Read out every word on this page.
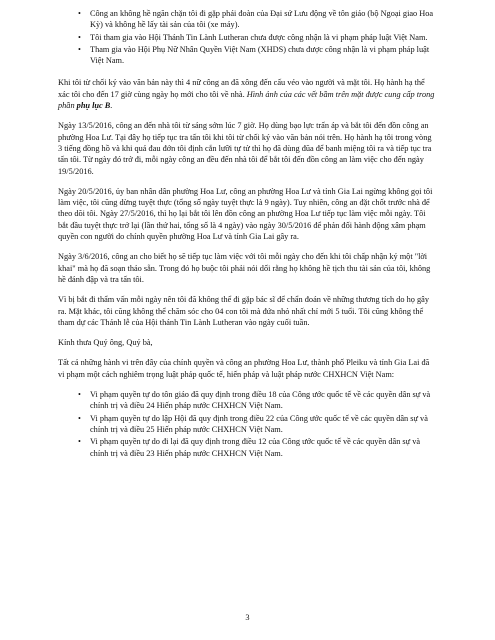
• Công an không hề ngăn chặn tôi đi gặp phái đoàn của Đại sứ Lưu động về tôn giáo (bộ Ngoại giao Hoa Kỳ) và không hề lấy tài sản của tôi (xe máy).
• Tôi tham gia vào Hội Thánh Tin Lành Lutheran chưa được công nhận là vi phạm pháp luật Việt Nam.
• Tham gia vào Hội Phụ Nữ Nhân Quyền Việt Nam (XHDS) chưa được công nhận là vi phạm pháp luật Việt Nam.

Khi tôi từ chối ký vào văn bản này thì 4 nữ công an đã xông đến cấu véo vào người và mặt tôi. Họ hành hạ thể xác tôi cho đến 17 giờ cùng ngày họ mới cho tôi về nhà. Hình ảnh của các vết bầm trên mặt được cung cấp trong phần phụ lục B.

Ngày 13/5/2016, công an đến nhà tôi từ sáng sớm lúc 7 giờ. Họ dùng bạo lực trấn áp và bắt tôi đến đồn công an phường Hoa Lư. Tại đây họ tiếp tục tra tấn tôi khi tôi từ chối ký vào văn bản nói trên. Họ hành hạ tôi trong vòng 3 tiếng đồng hồ và khi quá đau đớn tôi định cắn lưỡi tự tử thì họ đã dùng đũa để banh miệng tôi ra và tiếp tục tra tấn tôi. Từ ngày đó trở đi, mỗi ngày công an đều đến nhà tôi để bắt tôi đến đồn công an làm việc cho đến ngày 19/5/2016.

Ngày 20/5/2016, ủy ban nhân dân phường Hoa Lư, công an phường Hoa Lư và tỉnh Gia Lai ngừng không gọi tôi làm việc, tôi cũng dừng tuyệt thực (tổng số ngày tuyệt thực là 9 ngày). Tuy nhiên, công an đặt chốt trước nhà để theo dõi tôi. Ngày 27/5/2016, thì họ lại bắt tôi lên đồn công an phường Hoa Lư tiếp tục làm việc mỗi ngày. Tôi bắt đầu tuyệt thực trở lại (lần thứ hai, tổng số là 4 ngày) vào ngày 30/5/2016 để phản đối hành động xâm phạm quyền con người do chính quyền phường Hoa Lư và tỉnh Gia Lai gây ra.

Ngày 3/6/2016, công an cho biết họ sẽ tiếp tục làm việc với tôi mỗi ngày cho đến khi tôi chấp nhận ký một "lời khai" mà họ đã soạn thảo sẵn. Trong đó họ buộc tôi phải nói dối rằng họ không hề tịch thu tài sản của tôi, không hề đánh đập và tra tấn tôi.

Vì bị bắt đi thẩm vấn mỗi ngày nên tôi đã không thể đi gặp bác sĩ để chẩn đoán về những thương tích do họ gây ra. Mặt khác, tôi cũng không thể chăm sóc cho 04 con tôi mà đứa nhỏ nhất chỉ mới 5 tuổi. Tôi cũng không thể tham dự các Thánh lễ của Hội thánh Tin Lành Lutheran vào ngày cuối tuần.

Kính thưa Quý ông, Quý bà,

Tất cả những hành vi trên đây của chính quyền và công an phường Hoa Lư, thành phố Pleiku và tỉnh Gia Lai đã vi phạm một cách nghiêm trọng luật pháp quốc tế, hiến pháp và luật pháp nước CHXHCN Việt Nam:

• Vi phạm quyền tự do tôn giáo đã quy định trong điều 18 của Công ước quốc tế về các quyền dân sự và chính trị và điều 24 Hiến pháp nước CHXHCN Việt Nam.
• Vi phạm quyền tự do lập Hội đã quy định trong điều 22 của Công ước quốc tế về các quyền dân sự và chính trị và điều 25 Hiến pháp nước CHXHCN Việt Nam.
• Vi phạm quyền tự do đi lại đã quy định trong điều 12 của Công ước quốc tế về các quyền dân sự và chính trị và điều 23 Hiến pháp nước CHXHCN Việt Nam.
3
